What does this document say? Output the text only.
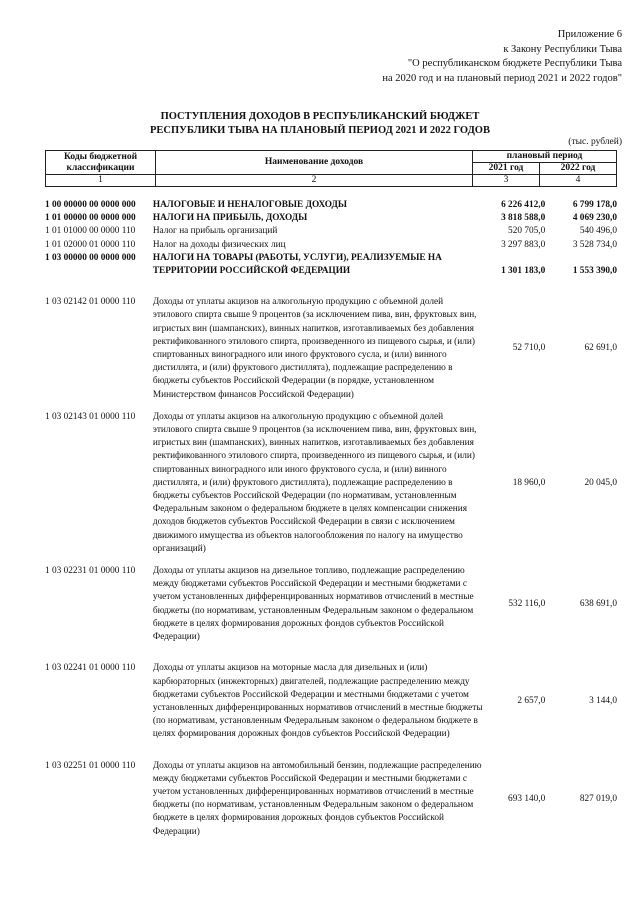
Приложение 6
к Закону Республики Тыва
"О республиканском бюджете Республики Тыва
на 2020 год и на плановый период 2021 и 2022 годов"
ПОСТУПЛЕНИЯ ДОХОДОВ В РЕСПУБЛИКАНСКИЙ БЮДЖЕТ
РЕСПУБЛИКИ ТЫВА НА ПЛАНОВЫЙ ПЕРИОД 2021 И 2022 ГОДОВ
(тыс. рублей)
Коды бюджетной
классификации	Наименование доходов	плановый период	
		2021 год	2022 год
1	2	3	4
1 00 00000 00 0000 000	НАЛОГОВЫЕ И НЕНАЛОГОВЫЕ ДОХОДЫ	6 226 412,0	6 799 178,0
1 01 00000 00 0000 000	НАЛОГИ НА ПРИБЫЛЬ, ДОХОДЫ	3 818 588,0	4 069 230,0
1 01 01000 00 0000 110	Налог на прибыль организаций	520 705,0	540 496,0
1 01 02000 01 0000 110	Налог на доходы физических лиц	3 297 883,0	3 528 734,0
1 03 00000 00 0000 000	НАЛОГИ НА ТОВАРЫ (РАБОТЫ, УСЛУГИ), РЕАЛИЗУЕМЫЕ НА ТЕРРИТОРИИ РОССИЙСКОЙ ФЕДЕРАЦИИ	1 301 183,0	1 553 390,0
1 03 02142 01 0000 110	Доходы от уплаты акцизов на алкогольную продукцию с объемной долей этилового спирта свыше 9 процентов (за исключением пива, вин, фруктовых вин, игристых вин (шампанских), винных напитков, изготавливаемых без добавления ректификованного этилового спирта, произведенного из пищевого сырья, и (или) спиртованных виноградного или иного фруктового сусла, и (или) винного дистиллята, и (или) фруктового дистиллята), подлежащие распределению в бюджеты субъектов Российской Федерации (в порядке, установленном Министерством финансов Российской Федерации)	52 710,0	62 691,0
1 03 02143 01 0000 110	Доходы от уплаты акцизов на алкогольную продукцию с объемной долей этилового спирта свыше 9 процентов (за исключением пива, вин, фруктовых вин, игристых вин (шампанских), винных напитков, изготавливаемых без добавления ректификованного этилового спирта, произведенного из пищевого сырья, и (или) спиртованных виноградного или иного фруктового сусла, и (или) винного дистиллята, и (или) фруктового дистиллята), подлежащие распределению в бюджеты субъектов Российской Федерации (по нормативам, установленным Федеральным законом о федеральном бюджете в целях компенсации снижения доходов бюджетов субъектов Российской Федерации в связи с исключением движимого имущества из объектов налогообложения по налогу на имущество организаций)	18 960,0	20 045,0
1 03 02231 01 0000 110	Доходы от уплаты акцизов на дизельное топливо, подлежащие распределению между бюджетами субъектов Российской Федерации и местными бюджетами с учетом установленных дифференцированных нормативов отчислений в местные бюджеты (по нормативам, установленным Федеральным законом о федеральном бюджете в целях формирования дорожных фондов субъектов Российской Федерации)	532 116,0	638 691,0
1 03 02241 01 0000 110	Доходы от уплаты акцизов на моторные масла для дизельных и (или) карбюраторных (инжекторных) двигателей, подлежащие распределению между бюджетами субъектов Российской Федерации и местными бюджетами с учетом установленных дифференцированных нормативов отчислений в местные бюджеты (по нормативам, установленным Федеральным законом о федеральном бюджете в целях формирования дорожных фондов субъектов Российской Федерации)	2 657,0	3 144,0
1 03 02251 01 0000 110	Доходы от уплаты акцизов на автомобильный бензин, подлежащие распределению между бюджетами субъектов Российской Федерации и местными бюджетами с учетом установленных дифференцированных нормативов отчислений в местные бюджеты (по нормативам, установленным Федеральным законом о федеральном бюджете в целях формирования дорожных фондов субъектов Российской Федерации)	693 140,0	827 019,0
